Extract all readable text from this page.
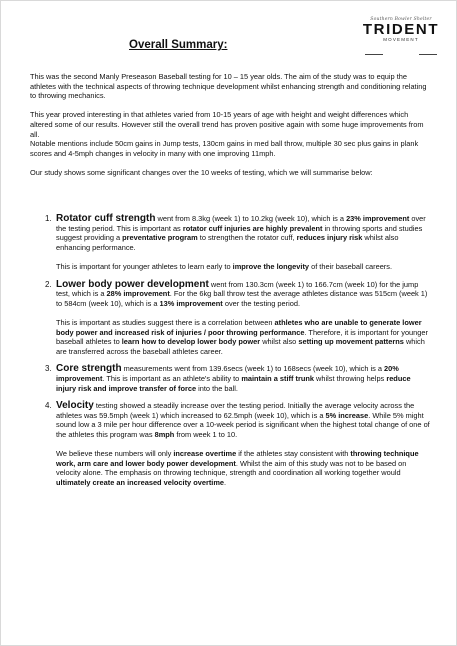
Southern Bowler Shelter
TRIDENT
MOVEMENT
Overall Summary:

This was the second Manly Preseason Baseball testing for 10 – 15 year olds. The aim of the study was to equip the athletes with the technical aspects of throwing technique development whilst enhancing strength and conditioning relating to throwing mechanics.

This year proved interesting in that athletes varied from 10-15 years of age with height and weight differences which altered some of our results. However still the overall trend has proven positive again with some huge improvements from all.

Notable mentions include 50cm gains in Jump tests, 130cm gains in med ball throw, multiple 30 sec plus gains in plank scores and 4-5mph changes in velocity in many with one improving 11mph.

Our study shows some significant changes over the 10 weeks of testing, which we will summarise below:

1. Rotator cuff strength went from 8.3kg (week 1) to 10.2kg (week 10), which is a 23% improvement over the testing period. This is important as rotator cuff injuries are highly prevalent in throwing sports and studies suggest providing a preventative program to strengthen the rotator cuff, reduces injury risk whilst also enhancing performance.

This is important for younger athletes to learn early to improve the longevity of their baseball careers.

2. Lower body power development went from 130.3cm (week 1) to 166.7cm (week 10) for the jump test, which is a 28% improvement. For the 6kg ball throw test the average athletes distance was 515cm (week 1) to 584cm (week 10), which is a 13% improvement over the testing period.

This is important as studies suggest there is a correlation between athletes who are unable to generate lower body power and increased risk of injuries / poor throwing performance. Therefore, it is important for younger baseball athletes to learn how to develop lower body power whilst also setting up movement patterns which are transferred across the baseball athletes career.

3. Core strength measurements went from 139.6secs (week 1) to 168secs (week 10), which is a 20% improvement. This is important as an athlete's ability to maintain a stiff trunk whilst throwing helps reduce injury risk and improve transfer of force into the ball.

4. Velocity testing showed a steadily increase over the testing period. Initially the average velocity across the athletes was 59.5mph (week 1) which increased to 62.5mph (week 10), which is a 5% increase. While 5% might sound low a 3 mile per hour difference over a 10-week period is significant when the highest total change of one of the athletes this program was 8mph from week 1 to 10.

We believe these numbers will only increase overtime if the athletes stay consistent with throwing technique work, arm care and lower body power development. Whilst the aim of this study was not to be based on velocity alone. The emphasis on throwing technique, strength and coordination all working together would ultimately create an increased velocity overtime.
